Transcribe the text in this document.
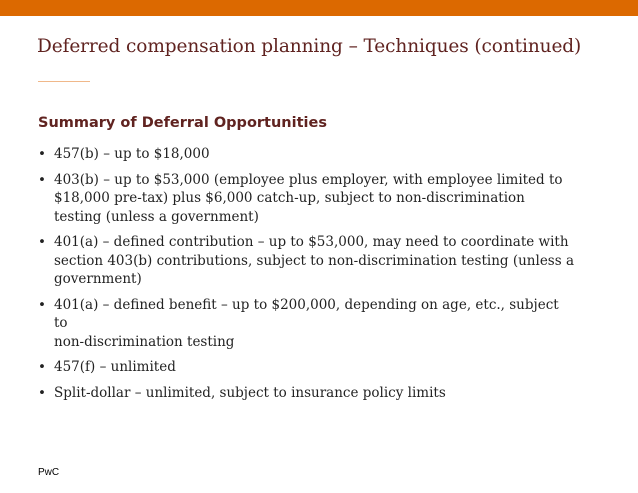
Deferred compensation planning – Techniques (continued)
Summary of Deferral Opportunities
• 457(b) – up to $18,000
• 403(b) – up to $53,000 (employee plus employer, with employee limited to
$18,000 pre-tax) plus $6,000 catch-up, subject to non-discrimination
testing (unless a government)
• 401(a) – defined contribution – up to $53,000, may need to coordinate with
section 403(b) contributions, subject to non-discrimination testing (unless a
government)
• 401(a) – defined benefit – up to $200,000, depending on age, etc., subject
to
non-discrimination testing
• 457(f) – unlimited
• Split-dollar – unlimited, subject to insurance policy limits
PwC
